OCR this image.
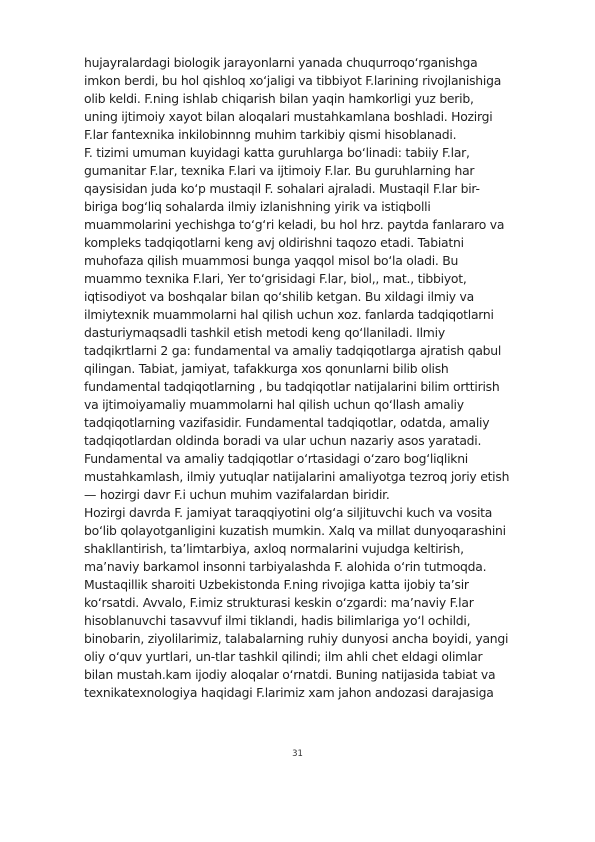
hujayralardagi biologik jarayonlarni yanada chuqurroqo‘rganishga
imkon berdi, bu hol qishloq xo‘jaligi va tibbiyot F.larining rivojlanishiga
olib keldi. F.ning ishlab chiqarish bilan yaqin hamkorligi yuz berib,
uning ijtimoiy xayot bilan aloqalari mustahkamlana boshladi. Hozirgi
F.lar fantexnika inkilobinnng muhim tarkibiy qismi hisoblanadi.
F. tizimi umuman kuyidagi katta guruhlarga bo‘linadi: tabiiy F.lar,
gumanitar F.lar, texnika F.lari va ijtimoiy F.lar. Bu guruhlarning har
qaysisidan juda ko‘p mustaqil F. sohalari ajraladi. Mustaqil F.lar bir-
biriga bog‘liq sohalarda ilmiy izlanishning yirik va istiqbolli
muammolarini yechishga to‘g‘ri keladi, bu hol hrz. paytda fanlararo va
kompleks tadqiqotlarni keng avj oldirishni taqozo etadi. Tabiatni
muhofaza qilish muammosi bunga yaqqol misol bo‘la oladi. Bu
muammo texnika F.lari, Yer to‘grisidagi F.lar, biol,, mat., tibbiyot,
iqtisodiyot va boshqalar bilan qo‘shilib ketgan. Bu xildagi ilmiy va
ilmiytexnik muammolarni hal qilish uchun xoz. fanlarda tadqiqotlarni
dasturiymaqsadli tashkil etish metodi keng qo‘llaniladi. Ilmiy
tadqikrtlarni 2 ga: fundamental va amaliy tadqiqotlarga ajratish qabul
qilingan. Tabiat, jamiyat, tafakkurga xos qonunlarni bilib olish
fundamental tadqiqotlarning , bu tadqiqotlar natijalarini bilim orttirish
va ijtimoiyamaliy muammolarni hal qilish uchun qo‘llash amaliy
tadqiqotlarning vazifasidir. Fundamental tadqiqotlar, odatda, amaliy
tadqiqotlardan oldinda boradi va ular uchun nazariy asos yaratadi.
Fundamental va amaliy tadqiqotlar o‘rtasidagi o‘zaro bog‘liqlikni
mustahkamlash, ilmiy yutuqlar natijalarini amaliyotga tezroq joriy etish
— hozirgi davr F.i uchun muhim vazifalardan biridir.
Hozirgi davrda F. jamiyat taraqqiyotini olg‘a siljituvchi kuch va vosita
bo‘lib qolayotganligini kuzatish mumkin. Xalq va millat dunyoqarashini
shakllantirish, ta’limtarbiya, axloq normalarini vujudga keltirish,
ma’naviy barkamol insonni tarbiyalashda F. alohida o‘rin tutmoqda.
Mustaqillik sharoiti Uzbekistonda F.ning rivojiga katta ijobiy ta’sir
ko‘rsatdi. Avvalo, F.imiz strukturasi keskin o‘zgardi: ma’naviy F.lar
hisoblanuvchi tasavvuf ilmi tiklandi, hadis bilimlariga yo‘l ochildi,
binobarin, ziyolilarimiz, talabalarning ruhiy dunyosi ancha boyidi, yangi
oliy o‘quv yurtlari, un-tlar tashkil qilindi; ilm ahli chet eldagi olimlar
bilan mustah.kam ijodiy aloqalar o‘rnatdi. Buning natijasida tabiat va
texnikatexnologiya haqidagi F.larimiz xam jahon andozasi darajasiga
31
